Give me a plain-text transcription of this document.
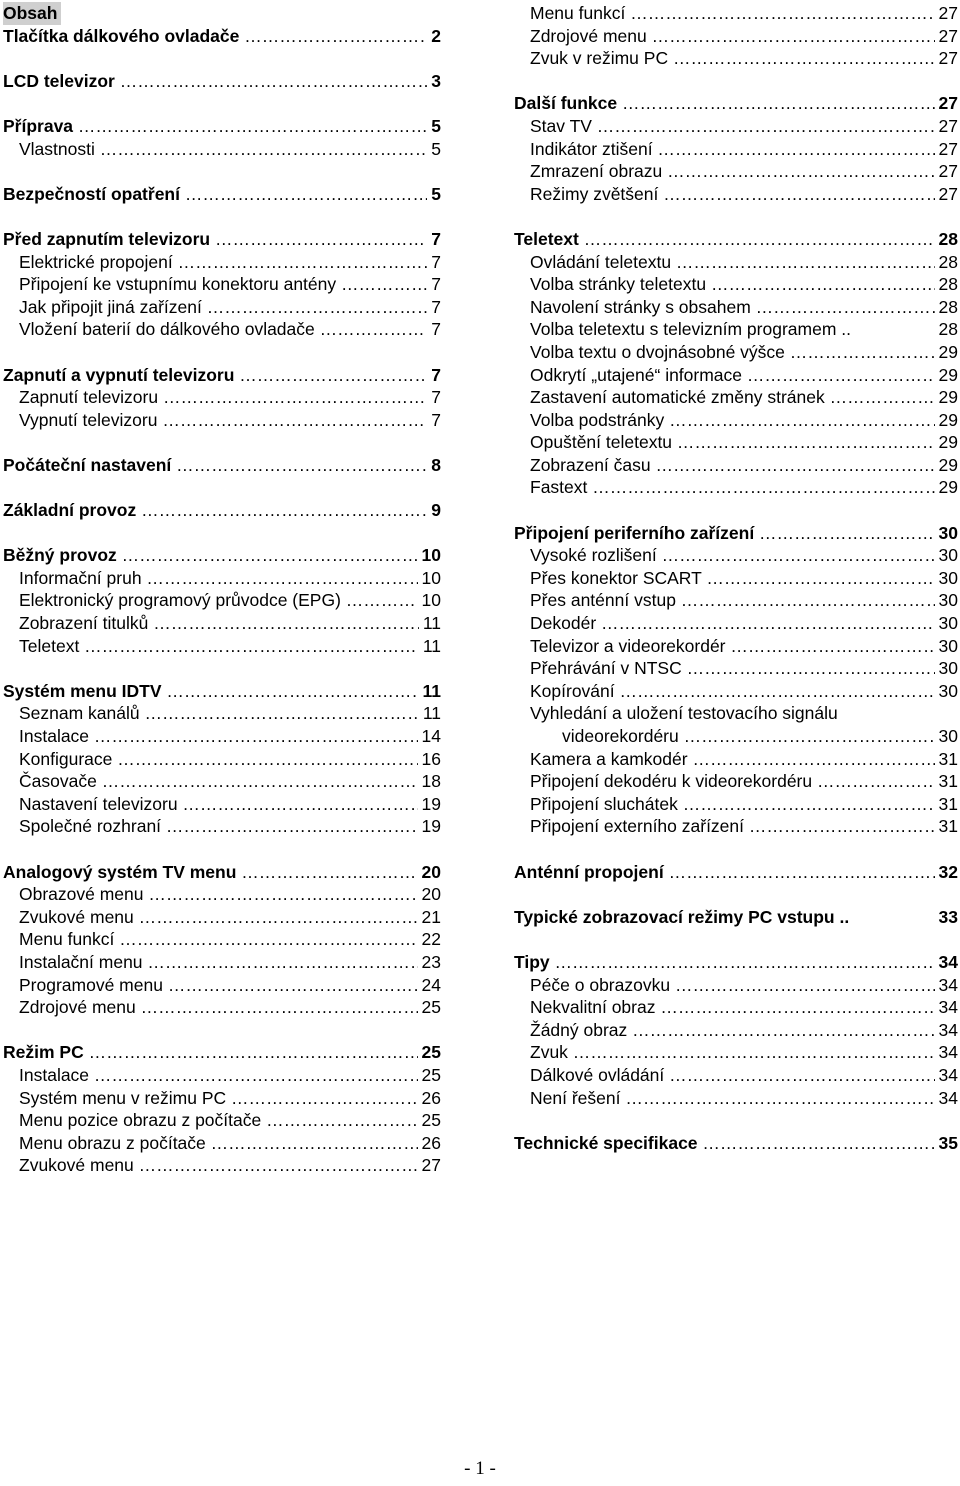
Obsah
Tlačítka dálkového ovladače …………………………………………………………………………………………	2
LCD televizor …………………………………………………………………………………………	3
Příprava …………………………………………………………………………………………	5
Vlastnosti …………………………………………………………………………………………	5
Bezpečností opatření …………………………………………………………………………………………	5
Před zapnutím televizoru …………………………………………………………………………………………	7
Elektrické propojení …………………………………………………………………………………………	7
Připojení ke vstupnímu konektoru antény …………………………………………………………………………………………	7
Jak připojit jiná zařízení …………………………………………………………………………………………	7
Vložení baterií do dálkového ovladače …………………………………………………………………………………………	7
Zapnutí a vypnutí televizoru …………………………………………………………………………………………	7
Zapnutí televizoru …………………………………………………………………………………………	7
Vypnutí televizoru …………………………………………………………………………………………	7
Počáteční nastavení …………………………………………………………………………………………	8
Základní provoz …………………………………………………………………………………………	9
Běžný provoz …………………………………………………………………………………………	10
Informační pruh …………………………………………………………………………………………	10
Elektronický programový průvodce (EPG) …………………………………………………………………………………………	10
Zobrazení titulků …………………………………………………………………………………………	11
Teletext …………………………………………………………………………………………	11
Systém menu IDTV …………………………………………………………………………………………	11
Seznam kanálů …………………………………………………………………………………………	11
Instalace …………………………………………………………………………………………	14
Konfigurace …………………………………………………………………………………………	16
Časovače …………………………………………………………………………………………	18
Nastavení televizoru …………………………………………………………………………………………	19
Společné rozhraní …………………………………………………………………………………………	19
Analogový systém TV menu …………………………………………………………………………………………	20
Obrazové menu …………………………………………………………………………………………	20
Zvukové menu …………………………………………………………………………………………	21
Menu funkcí …………………………………………………………………………………………	22
Instalační menu …………………………………………………………………………………………	23
Programové menu …………………………………………………………………………………………	24
Zdrojové menu …………………………………………………………………………………………	25
Režim PC …………………………………………………………………………………………	25
Instalace …………………………………………………………………………………………	25
Systém menu v režimu PC …………………………………………………………………………………………	26
Menu pozice obrazu z počítače …………………………………………………………………………………………	25
Menu obrazu z počítače …………………………………………………………………………………………	26
Zvukové menu …………………………………………………………………………………………	27
Menu funkcí …………………………………………………………………………………………	27
Zdrojové menu …………………………………………………………………………………………	27
Zvuk v režimu PC …………………………………………………………………………………………	27
Další funkce …………………………………………………………………………………………	27
Stav TV …………………………………………………………………………………………	27
Indikátor ztišení …………………………………………………………………………………………	27
Zmrazení obrazu …………………………………………………………………………………………	27
Režimy zvětšení …………………………………………………………………………………………	27
Teletext …………………………………………………………………………………………	28
Ovládání teletextu …………………………………………………………………………………………	28
Volba stránky teletextu …………………………………………………………………………………………	28
Navolení stránky s obsahem …………………………………………………………………………………………	28
Volba teletextu s televizním programem ..	28
Volba textu o dvojnásobné výšce …………………………………………………………………………………………	29
Odkrytí „utajené“ informace …………………………………………………………………………………………	29
Zastavení automatické změny stránek …………………………………………………………………………………………	29
Volba podstránky …………………………………………………………………………………………	29
Opuštění teletextu …………………………………………………………………………………………	29
Zobrazení času …………………………………………………………………………………………	29
Fastext …………………………………………………………………………………………	29
Připojení periferního zařízení …………………………………………………………………………………………	30
Vysoké rozlišení …………………………………………………………………………………………	30
Přes konektor SCART …………………………………………………………………………………………	30
Přes anténní vstup …………………………………………………………………………………………	30
Dekodér …………………………………………………………………………………………	30
Televizor a videorekordér …………………………………………………………………………………………	30
Přehrávání v NTSC …………………………………………………………………………………………	30
Kopírování …………………………………………………………………………………………	30
Vyhledání a uložení testovacího signálu
videorekordéru …………………………………………………………………………………………	30
Kamera a kamkodér …………………………………………………………………………………………	31
Připojení dekodéru k videorekordéru …………………………………………………………………………………………	31
Připojení sluchátek …………………………………………………………………………………………	31
Připojení externího zařízení …………………………………………………………………………………………	31
Anténní propojení …………………………………………………………………………………………	32
Typické zobrazovací režimy PC vstupu ..	33
Tipy …………………………………………………………………………………………	34
Péče o obrazovku …………………………………………………………………………………………	34
Nekvalitní obraz …………………………………………………………………………………………	34
Žádný obraz …………………………………………………………………………………………	34
Zvuk …………………………………………………………………………………………	34
Dálkové ovládání …………………………………………………………………………………………	34
Není řešení …………………………………………………………………………………………	34
Technické specifikace …………………………………………………………………………………………	35
- 1 -
